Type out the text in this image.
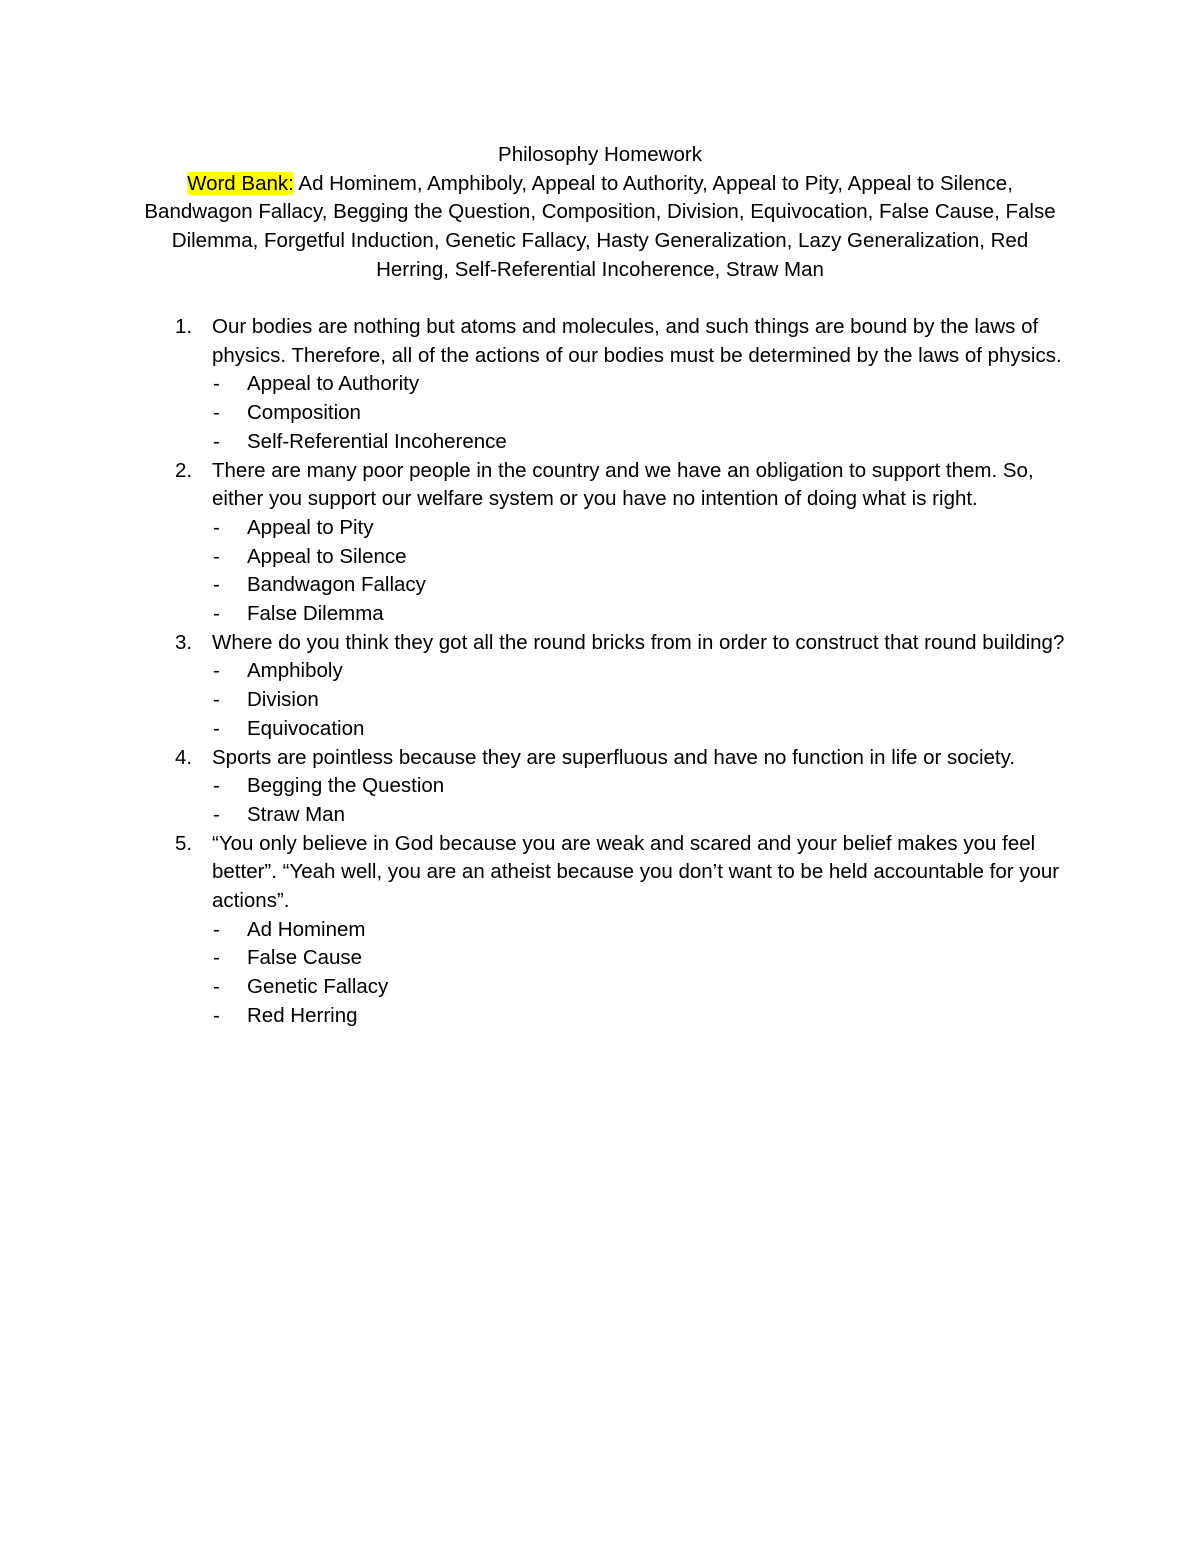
Philosophy Homework
Word Bank: Ad Hominem, Amphiboly, Appeal to Authority, Appeal to Pity, Appeal to Silence, Bandwagon Fallacy, Begging the Question, Composition, Division, Equivocation, False Cause, False Dilemma, Forgetful Induction, Genetic Fallacy, Hasty Generalization, Lazy Generalization, Red Herring, Self-Referential Incoherence, Straw Man
1. Our bodies are nothing but atoms and molecules, and such things are bound by the laws of physics. Therefore, all of the actions of our bodies must be determined by the laws of physics.
- Appeal to Authority
- Composition
- Self-Referential Incoherence
2. There are many poor people in the country and we have an obligation to support them. So, either you support our welfare system or you have no intention of doing what is right.
- Appeal to Pity
- Appeal to Silence
- Bandwagon Fallacy
- False Dilemma
3. Where do you think they got all the round bricks from in order to construct that round building?
- Amphiboly
- Division
- Equivocation
4. Sports are pointless because they are superfluous and have no function in life or society.
- Begging the Question
- Straw Man
5. “You only believe in God because you are weak and scared and your belief makes you feel better”. “Yeah well, you are an atheist because you don’t want to be held accountable for your actions”.
- Ad Hominem
- False Cause
- Genetic Fallacy
- Red Herring
